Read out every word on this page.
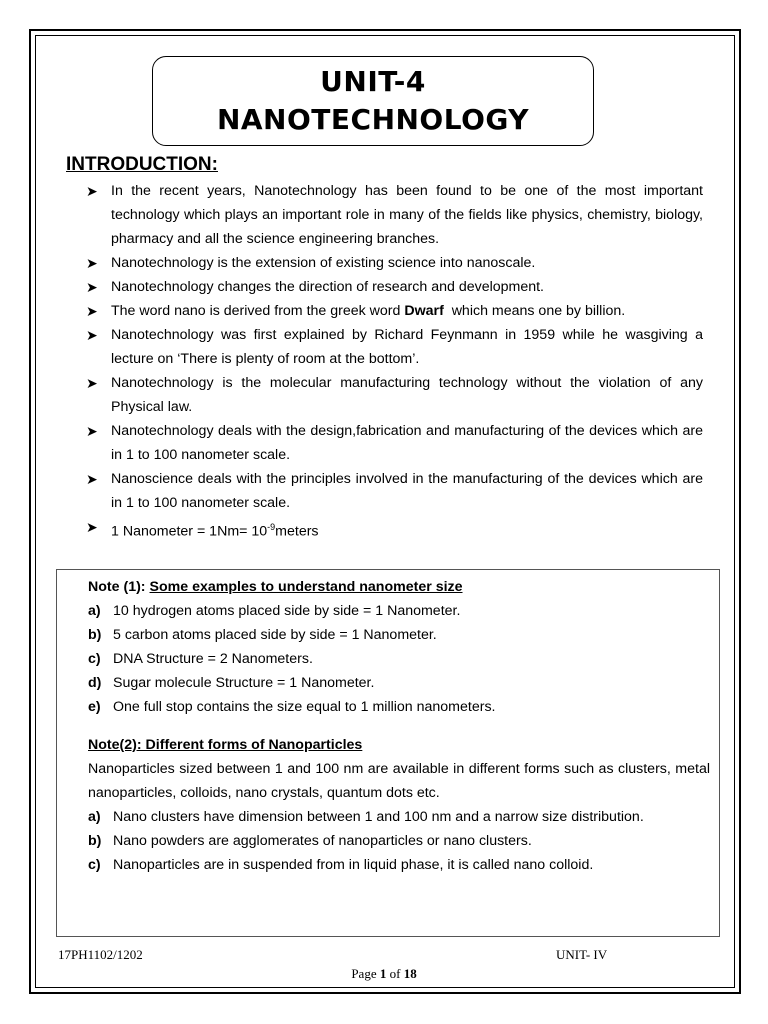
UNIT-4
NANOTECHNOLOGY
INTRODUCTION:
➤ In the recent years, Nanotechnology has been found to be one of the most important technology which plays an important role in many of the fields like physics, chemistry, biology, pharmacy and all the science engineering branches.
➤ Nanotechnology is the extension of existing science into nanoscale.
➤ Nanotechnology changes the direction of research and development.
➤ The word nano is derived from the greek word Dwarf which means one by billion.
➤ Nanotechnology was first explained by Richard Feynmann in 1959 while he wasgiving a lecture on ‘There is plenty of room at the bottom’.
➤ Nanotechnology is the molecular manufacturing technology without the violation of any Physical law.
➤ Nanotechnology deals with the design,fabrication and manufacturing of the devices which are in 1 to 100 nanometer scale.
➤ Nanoscience deals with the principles involved in the manufacturing of the devices which are in 1 to 100 nanometer scale.
➤ 1 Nanometer = $1Nm= 10^{-9}meters$
Note (1): Some examples to understand nanometer size
a) 10 hydrogen atoms placed side by side = 1 Nanometer.
b) 5 carbon atoms placed side by side = 1 Nanometer.
c) DNA Structure = 2 Nanometers.
d) Sugar molecule Structure = 1 Nanometer.
e) One full stop contains the size equal to 1 million nanometers.
Note(2): Different forms of Nanoparticles
Nanoparticles sized between 1 and 100 nm are available in different forms such as clusters, metal nanoparticles, colloids, nano crystals, quantum dots etc.
a) Nano clusters have dimension between 1 and 100 nm and a narrow size distribution.
b) Nano powders are agglomerates of nanoparticles or nano clusters.
c) Nanoparticles are in suspended from in liquid phase, it is called nano colloid.
17PH1102/1202	UNIT- IV
Page 1 of 18
